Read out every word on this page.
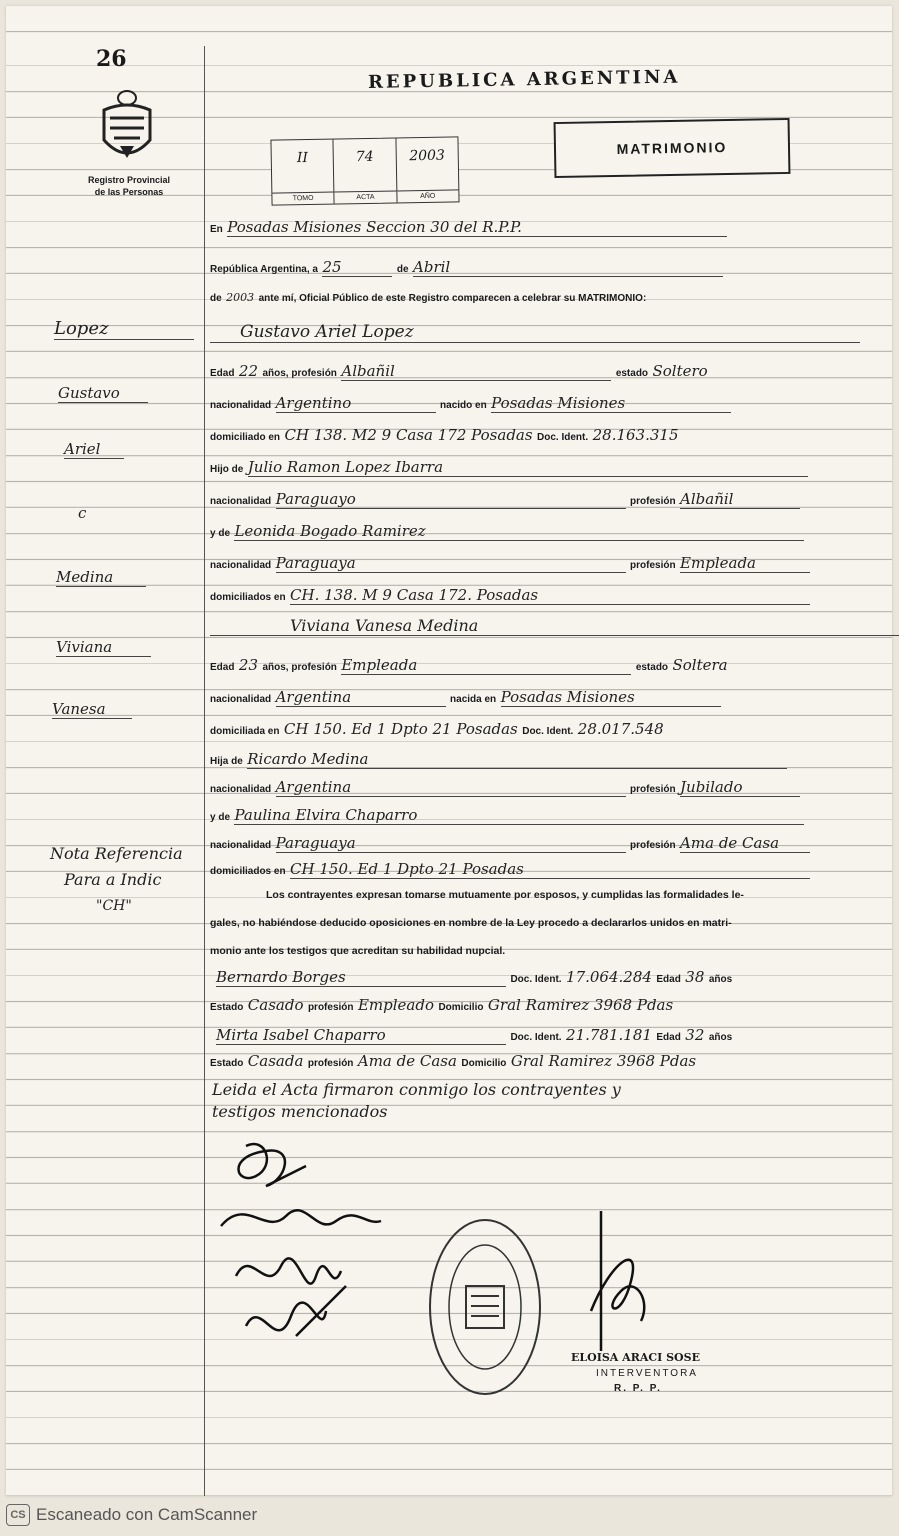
26
Registro Provincial
de las Personas
REPUBLICA ARGENTINA
MATRIMONIO
II
TOMO
74
ACTA
2003
AÑO
En Posadas Misiones Seccion 30 del R.P.P.
República Argentina, a 25	de Abril
de 2003 ante mí, Oficial Público de este Registro comparecen a celebrar su MATRIMONIO:
Gustavo Ariel Lopez
Edad 22 años, profesión Albañil	estado Soltero
nacionalidad Argentino	nacido en Posadas Misiones
domiciliado en CH 138. M2 9 Casa 172 Posadas Doc. Ident. 28.163.315
Hijo de Julio Ramon Lopez Ibarra
nacionalidad Paraguayo	profesión Albañil
y de Leonida Bogado Ramirez
nacionalidad Paraguaya	profesión Empleada
domiciliados en CH. 138. M 9 Casa 172. Posadas
Viviana Vanesa Medina
Edad 23 años, profesión Empleada	estado Soltera
nacionalidad Argentina	nacida en Posadas Misiones
domiciliada en CH 150. Ed 1 Dpto 21 Posadas Doc. Ident. 28.017.548
Hija de Ricardo Medina
nacionalidad Argentina	profesión Jubilado
y de Paulina Elvira Chaparro
nacionalidad Paraguaya	profesión Ama de Casa
domiciliados en CH 150. Ed 1 Dpto 21 Posadas
Los contrayentes expresan tomarse mutuamente por esposos, y cumplidas las formalidades le-
gales, no habiéndose deducido oposiciones en nombre de la Ley procedo a declararlos unidos en matri-
monio ante los testigos que acreditan su habilidad nupcial.
Bernardo Borges	Doc. Ident. 17.064.284 Edad 38 años
Estado Casado profesión Empleado Domicilio Gral Ramirez 3968 Pdas
Mirta Isabel Chaparro	Doc. Ident. 21.781.181 Edad 32 años
Estado Casada profesión Ama de Casa Domicilio Gral Ramirez 3968 Pdas
Leida el Acta firmaron conmigo los contrayentes y
testigos mencionados
ELOISA ARACI SOSE
INTERVENTORA
R. P. P.
Lopez
Gustavo
Ariel
c
Medina
Viviana
Vanesa
Nota Referencia
Para a Indic
"CH"
CS Escaneado con CamScanner
